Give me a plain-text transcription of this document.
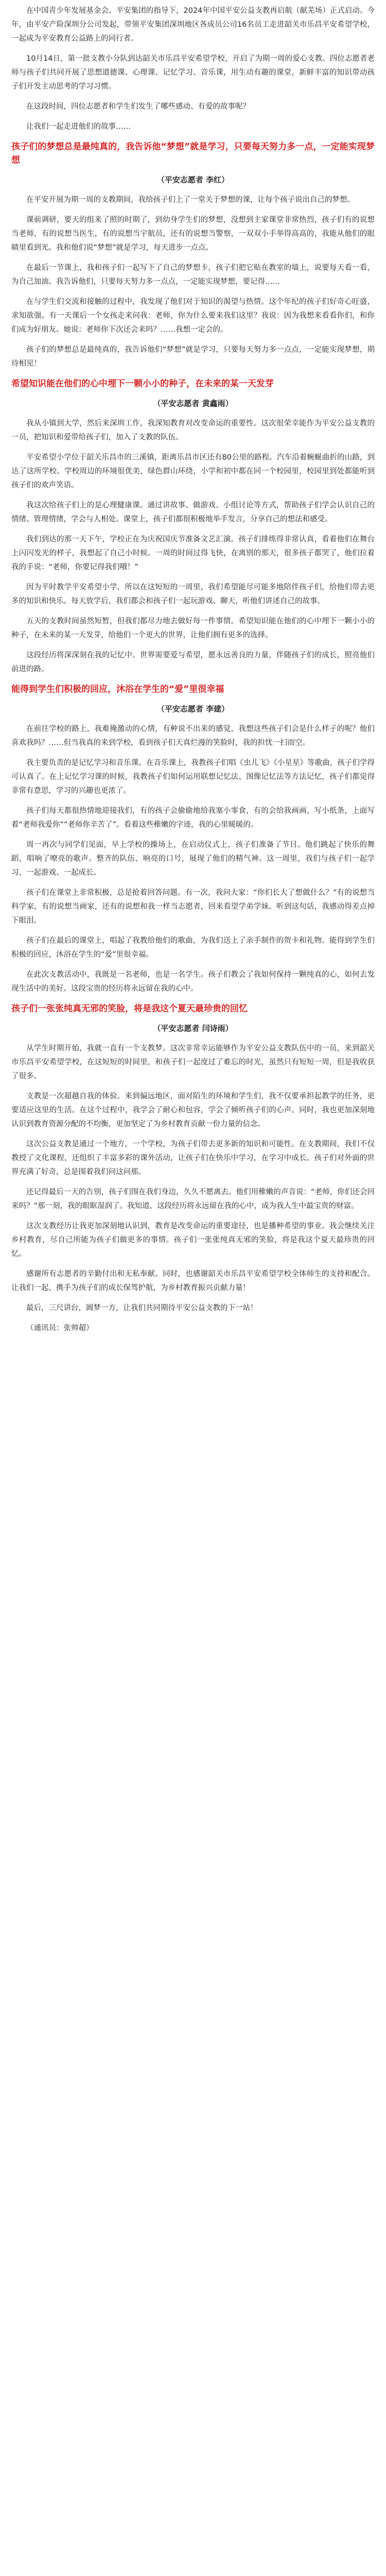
在中国青少年发展基金会、平安集团的指导下，2024年中国平安公益支教再启航（献芜场）正式启动。今年，由平安产险深圳分公司发起，带领平安集团深圳地区各成员公司16名员工走进韶关市乐昌平安希望学校，一起成为平安教育公益路上的同行者。

10月14日，第一批支教小分队到达韶关市乐昌平安希望学校，开启了为期一周的爱心支教。四位志愿者老师与孩子们共同开展了思想道德课、心理课、记忆学习、音乐课，用生动有趣的课堂，新鲜丰富的知识带动孩子们开发主动思考的学习习惯。

在这段时间，四位志愿者和学生们发生了哪些感动、有爱的故事呢？

让我们一起走进他们的故事……

孩子们的梦想总是最纯真的，我告诉他“梦想”就是学习，只要每天努力多一点，一定能实现梦想

（平安志愿者 李红）

在平安开展为期一周的支教期间，我给孩子们上了一堂关于梦想的课，让每个孩子说出自己的梦想。

课前调研，要天的组来了照的时期了，到幼身学生们的梦想，没想到主家课堂非常热烈，孩子们有的说想当老师，有的说想当医生，有的说想当宇航员，还有的说想当警察，一双双小手举得高高的，我能从他们的眼睛里看到光。我和他们说“梦想”就是学习，每天进步一点点。

在最后一节课上，我和孩子们一起写下了自己的梦想卡，孩子们把它贴在教室的墙上，说要每天看一看，为自己加油。我告诉他们，只要每天努力多一点点，一定能实现梦想，要记得……

在与学生们交流和接触的过程中，我发现了他们对于知识的渴望与热情。这个年纪的孩子们好奇心旺盛，求知欲强。有一天课后一个女孩走来问我：老师，你为什么要来我们这里？我说：因为我想来看看你们，和你们成为好朋友。她说：老师你下次还会来吗？……我想一定会的。

孩子们的梦想总是最纯真的，我告诉他们“梦想”就是学习，只要每天努力多一点点，一定能实现梦想，期待相见！

希望知识能在他们的心中埋下一颗小小的种子，在未来的某一天发芽

（平安志愿者 黄鑫雨）

我从小镇到大学，然后来深圳工作，我深知教育对改变命运的重要性。这次很荣幸能作为平安公益支教的一员，把知识和爱带给孩子们，加入了支教的队伍。

平安希望小学位于韶关乐昌市的三溪镇，距离乐昌市区还有80公里的路程。汽车沿着蜿蜒曲折的山路，到达了这所学校。学校周边的环境很优美，绿色群山环绕，小学和初中都在同一个校园里，校园里到处都能听到孩子们的欢声笑语。

我这次给孩子们上的是心理健康课。通过讲故事、做游戏、小组讨论等方式，帮助孩子们学会认识自己的情绪、管理情绪，学会与人相处。课堂上，孩子们都很积极地举手发言，分享自己的想法和感受。

我们到达的那一天下午，学校正在为庆祝国庆节准备文艺汇演。孩子们排练得非常认真，看着他们在舞台上闪闪发光的样子，我想起了自己小时候。一周的时间过得飞快，在离别的那天，很多孩子都哭了，他们拉着我的手说：“老师，你要记得我们哦！”

因为平时教学平安希望小学，所以在这短短的一周里，我们希望能尽可能多地陪伴孩子们，给他们带去更多的知识和快乐。每天放学后，我们都会和孩子们一起玩游戏、聊天，听他们讲述自己的故事。

五天的支教时间虽然短暂，但我们都尽力地去做好每一件事情。希望知识能在他们的心中埋下一颗小小的种子，在未来的某一天发芽，给他们一个更大的世界，让他们拥有更多的选择。

这段经历将深深刻在我的记忆中。世界需要爱与希望，愿永远善良的力量，伴随孩子们的成长，照亮他们前进的路。

能得到学生们积极的回应，沐浴在学生的“爱”里很幸福

（平安志愿者 李建）

在前往学校的路上，我难掩激动的心情，有种说不出来的感觉，我想这些孩子们会是什么样子的呢？他们喜欢我吗？……但当我真的来到学校，看到孩子们天真烂漫的笑脸时，我的担忧一扫而空。

我主要负责的是记忆学习和音乐课。在音乐课上，我教孩子们唱《虫儿飞》《小星星》等歌曲，孩子们学得可认真了。在上记忆学习课的时候，我教孩子们如何运用联想记忆法、图像记忆法等方法记忆，孩子们都觉得非常有意思，学习的兴趣也更浓了。

孩子们每天都很热情地迎接我们，有的孩子会偷偷地给我塞小零食，有的会给我画画、写小纸条，上面写着“老师我爱你”“老师你辛苦了”。看着这些稚嫩的字迹，我的心里暖暖的。

周一再次与同学们见面，早上学校的操场上，在启动仪式上，孩子们准备了节目。他们跳起了快乐的舞蹈，唱响了嘹亮的歌声。整齐的队伍、响亮的口号，展现了他们的精气神。这一周里，我们与孩子们一起学习、一起游戏、一起成长。

孩子们在课堂上非常积极，总是抢着回答问题。有一次，我问大家：“你们长大了想做什么？”有的说想当科学家，有的说想当画家，还有的说想和我一样当志愿者，回来看望学弟学妹。听到这句话，我感动得差点掉下眼泪。

孩子们在最后的课堂上，唱起了我教给他们的歌曲，为我们送上了亲手制作的贺卡和礼物。能得到学生们积极的回应，沐浴在学生的“爱”里很幸福。

在此次支教活动中，我既是一名老师，也是一名学生。孩子们教会了我如何保持一颗纯真的心，如何去发现生活中的美好。这段宝贵的经历将永远留在我的心中。

孩子们一张张纯真无邪的笑脸，将是我这个夏天最珍贵的回忆

（平安志愿者 闫诗雨）

从学生时期开始，我就一直有一个支教梦。这次非常幸运能够作为平安公益支教队伍中的一员，来到韶关市乐昌平安希望学校，在这短短的时间里，和孩子们一起度过了难忘的时光，虽然只有短短一周，但是我收获了很多。

支教是一次超越自我的体验。来到偏远地区，面对陌生的环境和学生们，我不仅要承担起教学的任务，更要适应这里的生活。在这个过程中，我学会了耐心和包容，学会了倾听孩子们的心声。同时，我也更加深刻地认识到教育资源分配的不均衡，更加坚定了为乡村教育贡献一份力量的信念。

这次公益支教是通过一个地方，一个学校，为孩子们带去更多新的知识和可能性。在支教期间，我们不仅教授了文化课程，还组织了丰富多彩的课外活动，让孩子们在快乐中学习，在学习中成长。孩子们对外面的世界充满了好奇，总是围着我们问这问那。

还记得最后一天的告别，孩子们围在我们身边，久久不愿离去。他们用稚嫩的声音说：“老师，你们还会回来吗？”那一刻，我的眼眶湿润了。我知道，这段经历将永远留在我的心中，成为我人生中最宝贵的财富。

这次支教经历让我更加深刻地认识到，教育是改变命运的重要途径，也是播种希望的事业。我会继续关注乡村教育，尽自己所能为孩子们做更多的事情。孩子们一张张纯真无邪的笑脸，将是我这个夏天最珍贵的回忆。

感谢所有志愿者的辛勤付出和无私奉献。同时，也感谢韶关市乐昌平安希望学校全体师生的支持和配合。让我们一起，携手为孩子们的成长保驾护航，为乡村教育振兴贡献力量！

最后，三尺讲台，圆梦一方，让我们共同期待平安公益支教的下一站！

（通讯员：张帅超）
